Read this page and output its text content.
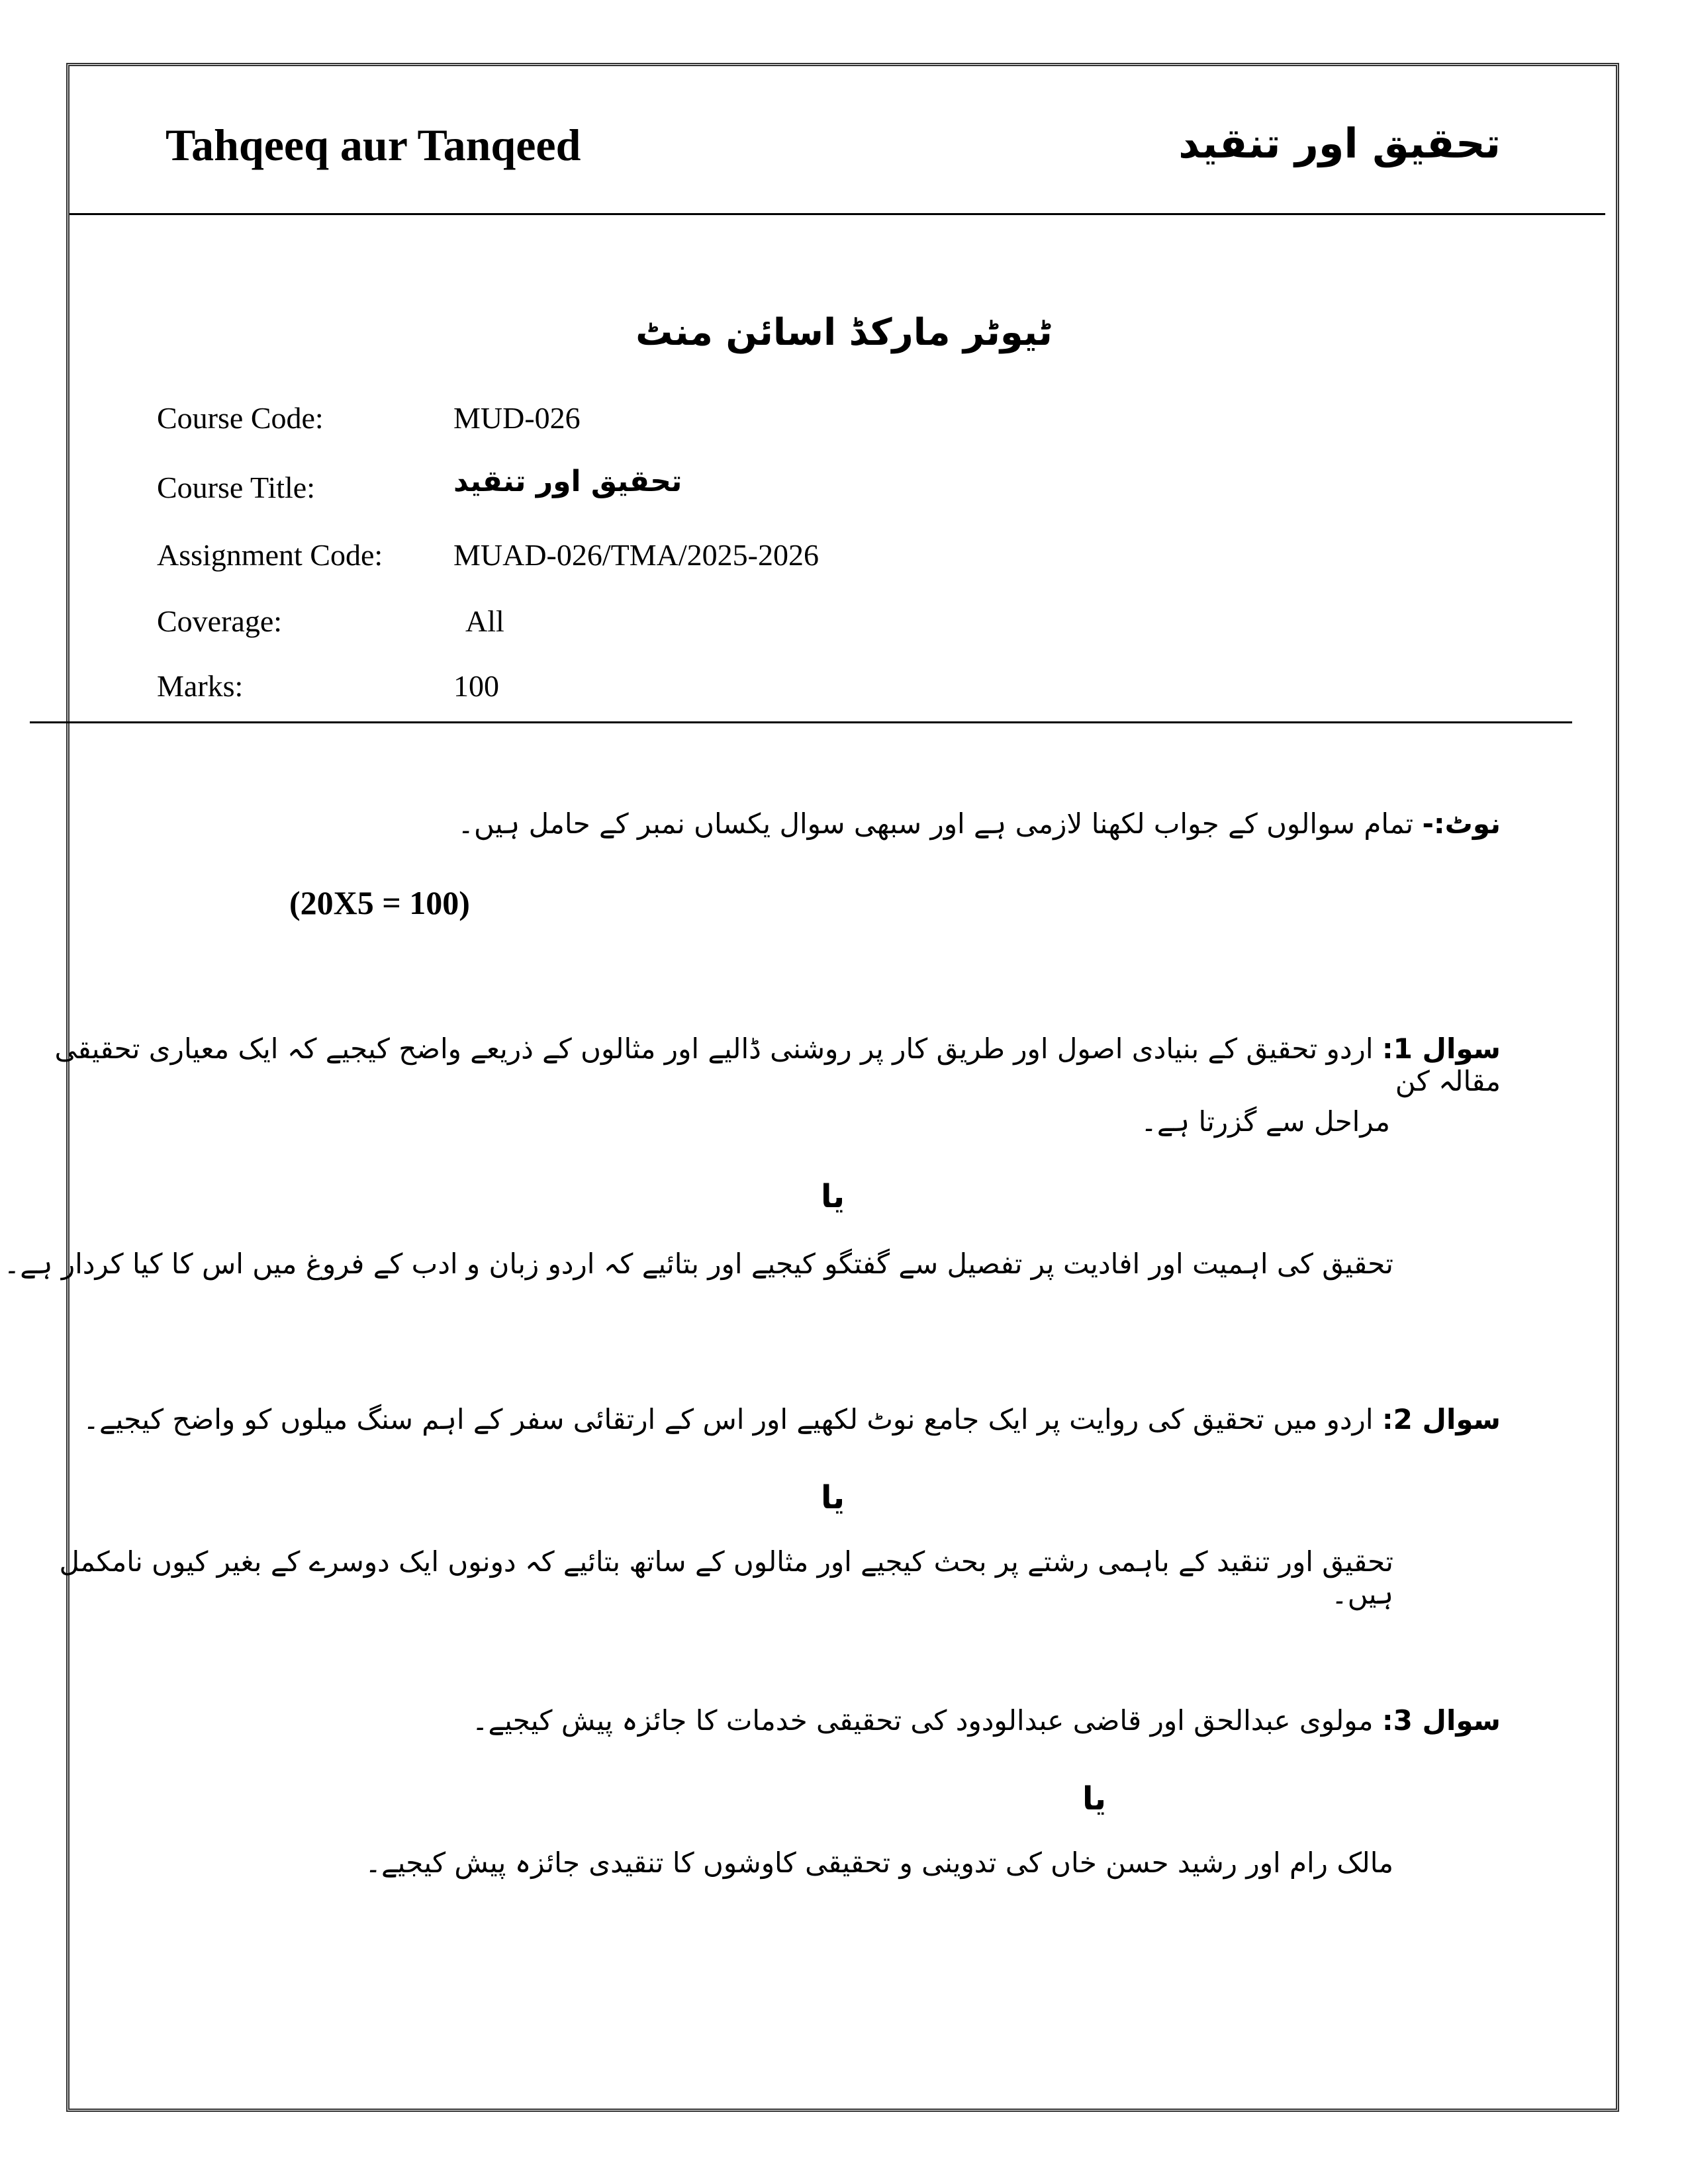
Tahqeeq aur Tanqeed	تحقیق اور تنقید
ٹیوٹر مارکڈ اسائن منٹ
Course Code:	MUD-026
Course Title:	تحقیق اور تنقید
Assignment Code: MUAD-026/TMA/2025-2026
Coverage:	All
Marks:	100
نوٹ:- تمام سوالوں کے جواب لکھنا لازمی ہے اور سبھی سوال یکساں نمبر کے حامل ہیں۔
(20X5 = 100)
سوال 1: اردو تحقیق کے بنیادی اصول اور طریق کار پر روشنی ڈالیے اور مثالوں کے ذریعے واضح کیجیے کہ ایک معیاری تحقیقی مقالہ کن
مراحل سے گزرتا ہے۔
یا
تحقیق کی اہمیت اور افادیت پر تفصیل سے گفتگو کیجیے اور بتائیے کہ اردو زبان و ادب کے فروغ میں اس کا کیا کردار ہے۔
سوال 2: اردو میں تحقیق کی روایت پر ایک جامع نوٹ لکھیے اور اس کے ارتقائی سفر کے اہم سنگ میلوں کو واضح کیجیے۔
یا
تحقیق اور تنقید کے باہمی رشتے پر بحث کیجیے اور مثالوں کے ساتھ بتائیے کہ دونوں ایک دوسرے کے بغیر کیوں نامکمل ہیں۔
سوال 3: مولوی عبدالحق اور قاضی عبدالودود کی تحقیقی خدمات کا جائزہ پیش کیجیے۔
یا
مالک رام اور رشید حسن خاں کی تدوینی و تحقیقی کاوشوں کا تنقیدی جائزہ پیش کیجیے۔
